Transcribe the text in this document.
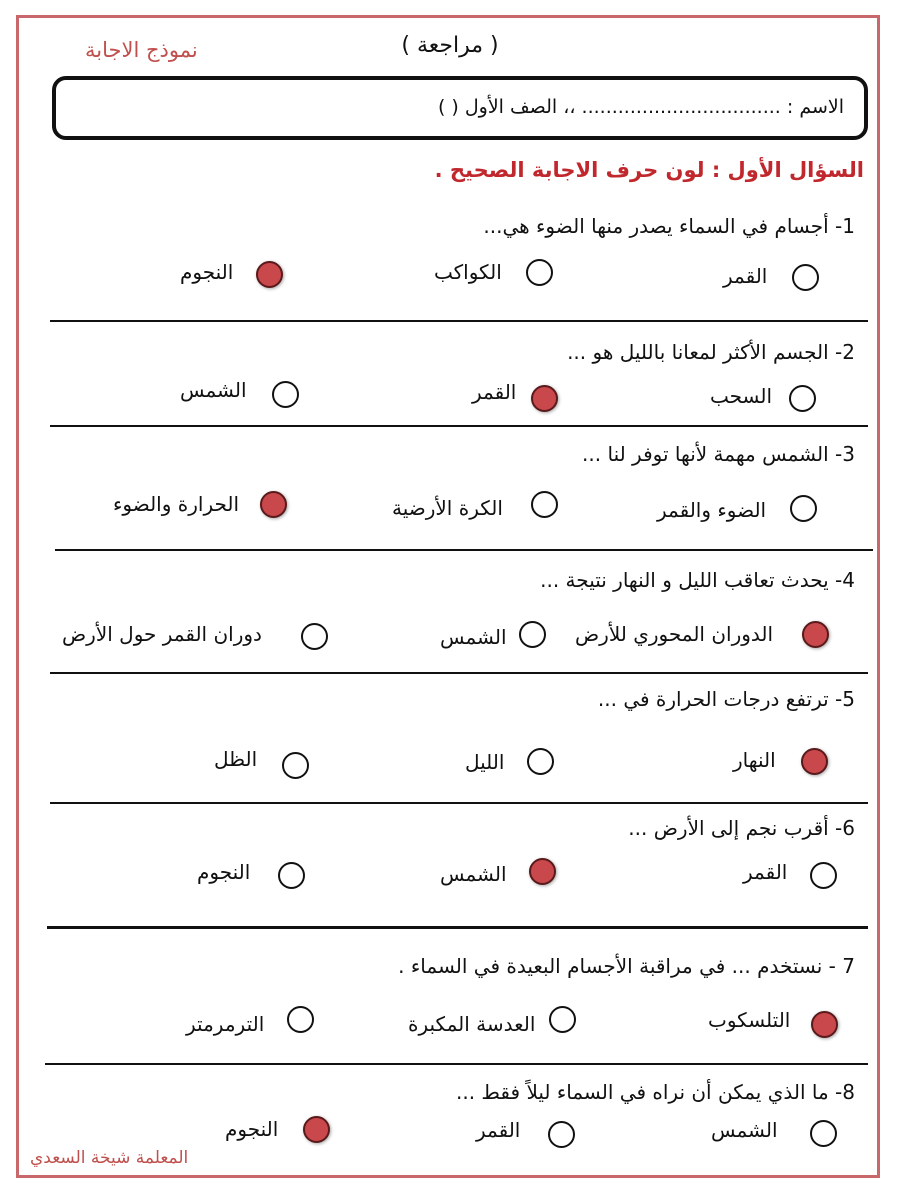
( مراجعة )
نموذج الاجابة
الاسم : ................................. ،، الصف الأول ( )
السؤال الأول : لون حرف الاجابة الصحيح .
1- أجسام في السماء يصدر منها الضوء هي...
القمر
الكواكب
النجوم
2- الجسم الأكثر لمعانا بالليل هو ...
السحب
القمر
الشمس
3- الشمس مهمة لأنها توفر لنا ...
الضوء والقمر
الكرة الأرضية
الحرارة والضوء
4- يحدث تعاقب الليل و النهار نتيجة ...
الدوران المحوري للأرض
الشمس
دوران القمر حول الأرض
5- ترتفع درجات الحرارة في ...
النهار
الليل
الظل
6- أقرب نجم إلى الأرض ...
القمر
الشمس
النجوم
7 - نستخدم ... في مراقبة الأجسام البعيدة في السماء .
التلسكوب
العدسة المكبرة
الترمرمتر
8- ما الذي يمكن أن نراه في السماء ليلاً فقط ...
الشمس
القمر
النجوم
المعلمة شيخة السعدي
